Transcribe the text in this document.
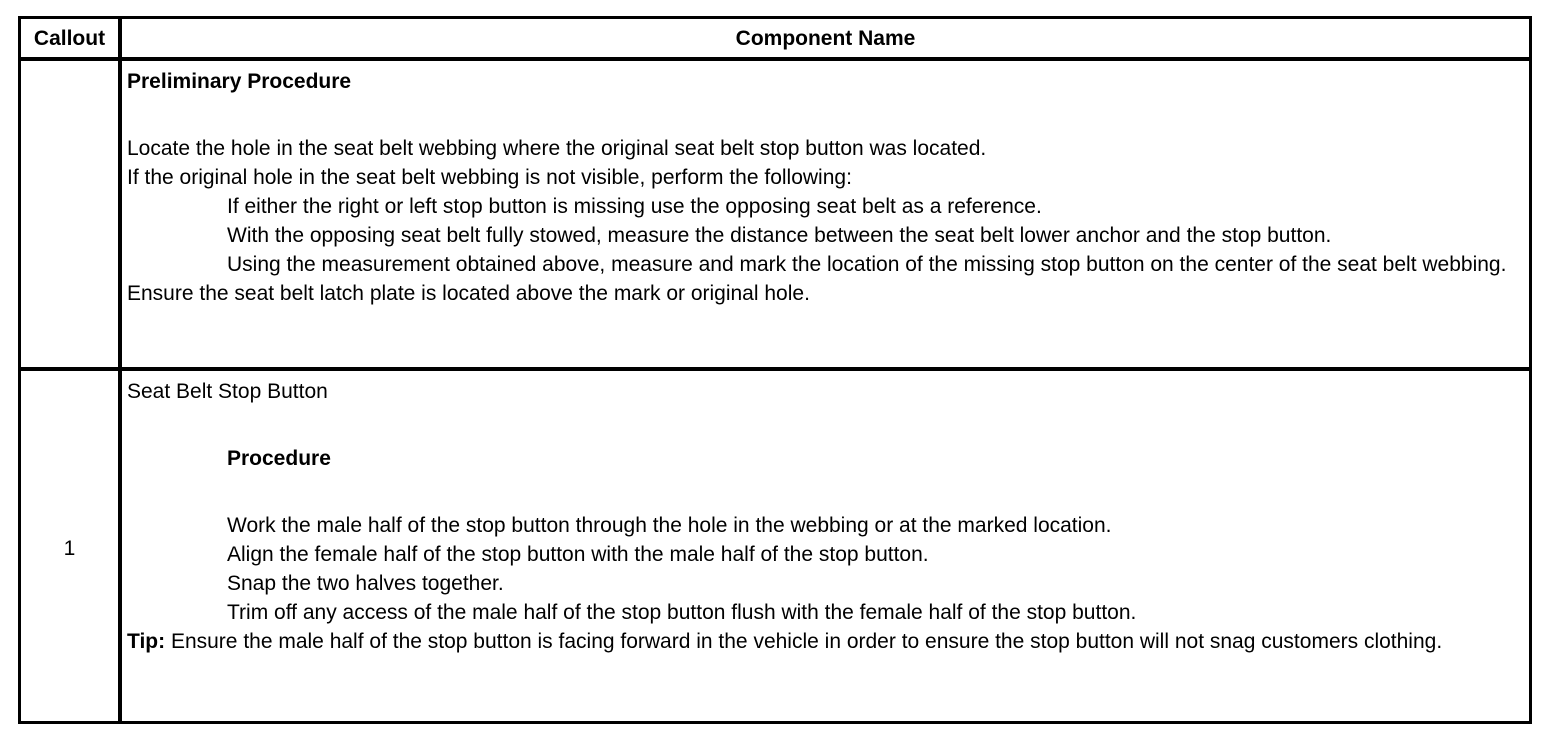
Callout	Component Name
Preliminary Procedure
Locate the hole in the seat belt webbing where the original seat belt stop button was located.
If the original hole in the seat belt webbing is not visible, perform the following:
If either the right or left stop button is missing use the opposing seat belt as a reference.
With the opposing seat belt fully stowed, measure the distance between the seat belt lower anchor and the stop button.
Using the measurement obtained above, measure and mark the location of the missing stop button on the center of the seat belt webbing.
Ensure the seat belt latch plate is located above the mark or original hole.
1
Seat Belt Stop Button
Procedure
Work the male half of the stop button through the hole in the webbing or at the marked location.
Align the female half of the stop button with the male half of the stop button.
Snap the two halves together.
Trim off any access of the male half of the stop button flush with the female half of the stop button.
Tip: Ensure the male half of the stop button is facing forward in the vehicle in order to ensure the stop button will not snag customers clothing.
